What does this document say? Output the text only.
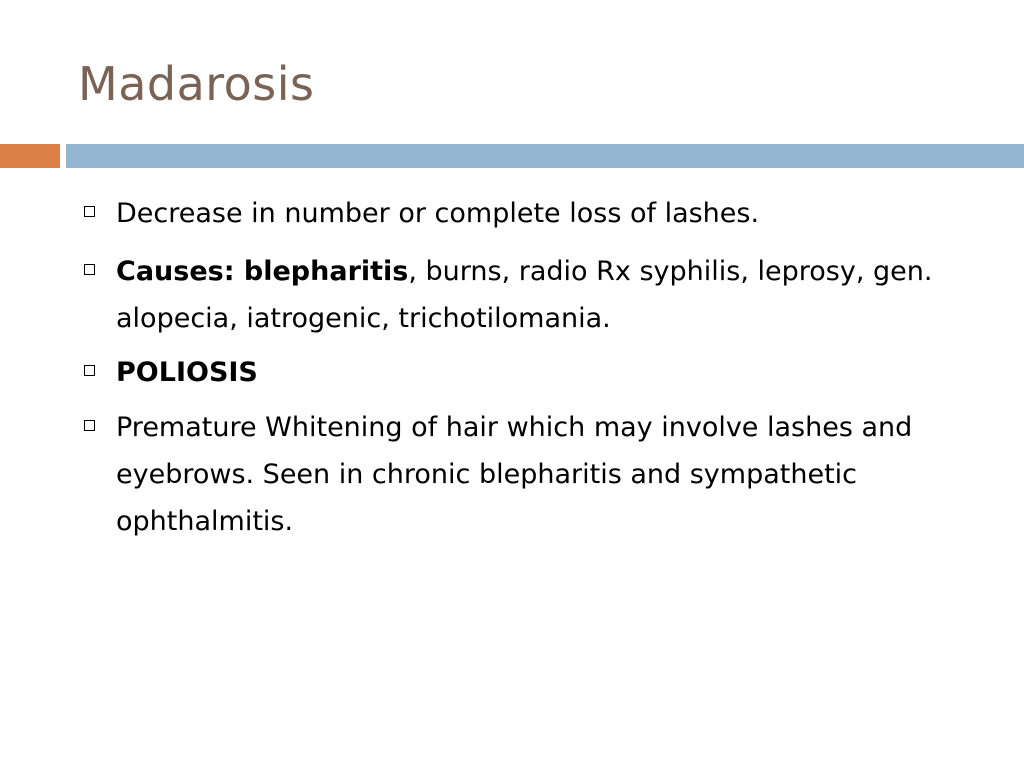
Madarosis
Decrease in number or complete loss of lashes.
Causes: blepharitis, burns, radio Rx syphilis, leprosy, gen. alopecia, iatrogenic, trichotilomania.
POLIOSIS
Premature Whitening of hair which may involve lashes and eyebrows. Seen in chronic blepharitis and sympathetic ophthalmitis.
